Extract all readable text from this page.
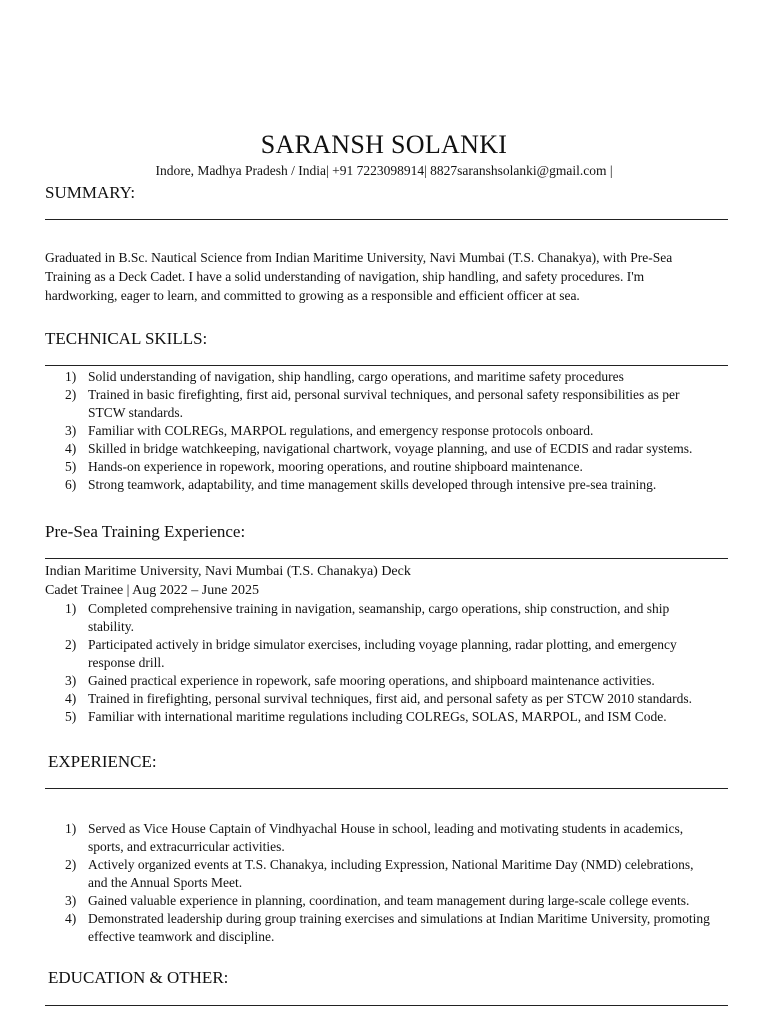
SARANSH SOLANKI
Indore, Madhya Pradesh / India| +91 7223098914| 8827saranshsolanki@gmail.com |
SUMMARY:
Graduated in B.Sc. Nautical Science from Indian Maritime University, Navi Mumbai (T.S. Chanakya), with Pre-Sea Training as a Deck Cadet. I have a solid understanding of navigation, ship handling, and safety procedures. I'm hardworking, eager to learn, and committed to growing as a responsible and efficient officer at sea.
TECHNICAL SKILLS:
1) Solid understanding of navigation, ship handling, cargo operations, and maritime safety procedures
2) Trained in basic firefighting, first aid, personal survival techniques, and personal safety responsibilities as per STCW standards.
3) Familiar with COLREGs, MARPOL regulations, and emergency response protocols onboard.
4) Skilled in bridge watchkeeping, navigational chartwork, voyage planning, and use of ECDIS and radar systems.
5) Hands-on experience in ropework, mooring operations, and routine shipboard maintenance.
6) Strong teamwork, adaptability, and time management skills developed through intensive pre-sea training.
Pre-Sea Training Experience:
Indian Maritime University, Navi Mumbai (T.S. Chanakya) Deck
Cadet Trainee | Aug 2022 – June 2025
1) Completed comprehensive training in navigation, seamanship, cargo operations, ship construction, and ship stability.
2) Participated actively in bridge simulator exercises, including voyage planning, radar plotting, and emergency response drill.
3) Gained practical experience in ropework, safe mooring operations, and shipboard maintenance activities.
4) Trained in firefighting, personal survival techniques, first aid, and personal safety as per STCW 2010 standards.
5) Familiar with international maritime regulations including COLREGs, SOLAS, MARPOL, and ISM Code.
EXPERIENCE:
1) Served as Vice House Captain of Vindhyachal House in school, leading and motivating students in academics, sports, and extracurricular activities.
2) Actively organized events at T.S. Chanakya, including Expression, National Maritime Day (NMD) celebrations, and the Annual Sports Meet.
3) Gained valuable experience in planning, coordination, and team management during large-scale college events.
4) Demonstrated leadership during group training exercises and simulations at Indian Maritime University, promoting effective teamwork and discipline.
EDUCATION & OTHER:
